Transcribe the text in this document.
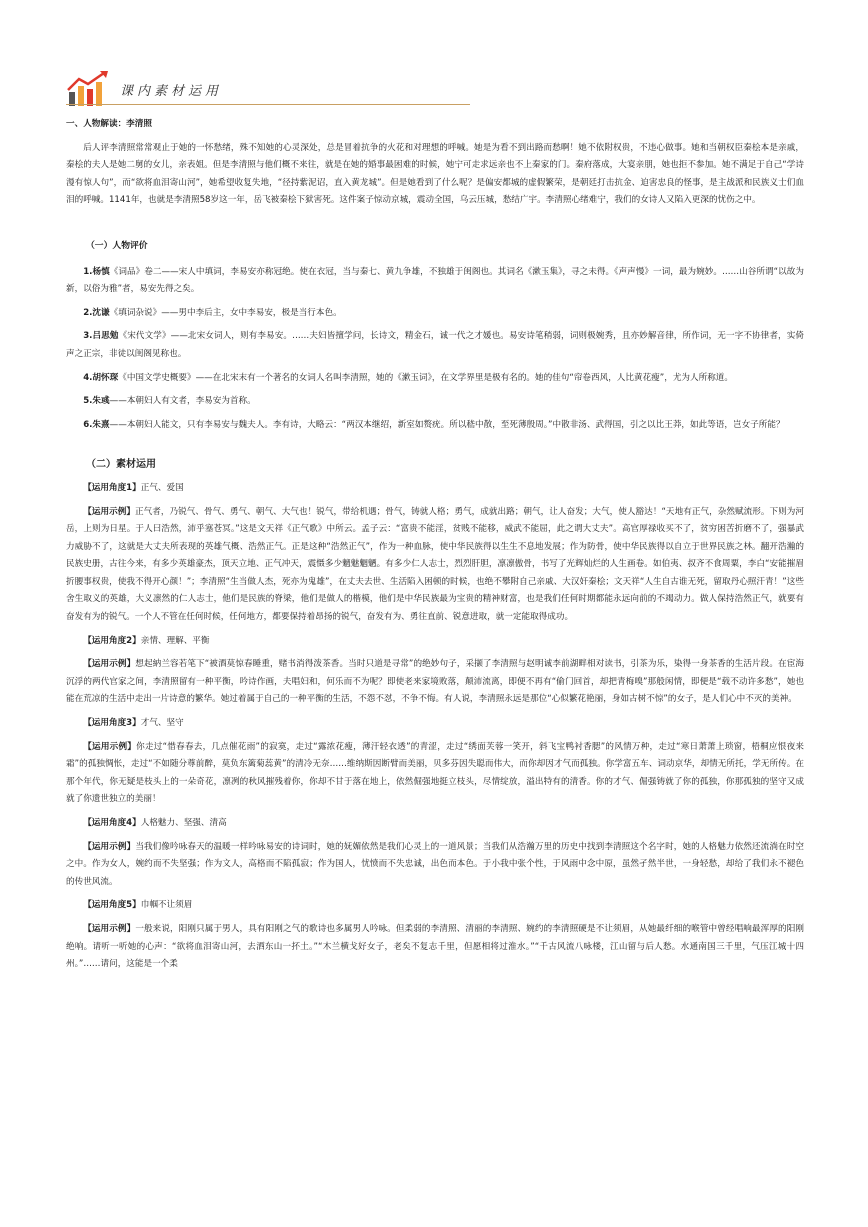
课内素材运用
一、人物解读：李清照

后人评李清照常常观止于她的一怀愁绪，殊不知她的心灵深处，总是冒着抗争的火花和对理想的呼喊。她是为看不到出路而愁啊！她不依附权贵，不违心做事。她和当朝权臣秦桧本是亲戚，秦桧的夫人是她二舅的女儿，亲表姐。但是李清照与他们概不来往，就是在她的婚事最困难的时候，她宁可走求远亲也不上秦家的门。秦府落成，大宴亲朋，她也拒不参加。她不满足于自己“学诗漫有惊人句”，而“欲将血泪寄山河”，她希望收复失地，“径持紫泥诏，直入黄龙城”。但是她看到了什么呢？是偏安都城的虚假繁荣，是朝廷打击抗金、迫害忠良的怪事，是主战派和民族义士们血泪的呼喊。1141年，也就是李清照58岁这一年，岳飞被秦桧下狱害死。这件案子惊动京城，震动全国，乌云压城，愁结广宇。李清照心绪难宁，我们的女诗人又陷入更深的忧伤之中。

（一）人物评价
1.杨慎《词品》卷二——宋人中填词，李易安亦称冠绝。使在衣冠，当与秦七、黄九争雄，不独雄于闺阁也。其词名《漱玉集》，寻之未得。《声声慢》一词，最为婉妙。……山谷所谓“以故为新，以俗为雅”者，易安先得之矣。
2.沈谦《填词杂说》——男中李后主，女中李易安，极是当行本色。
3.吕思勉《宋代文学》——北宋女词人，则有李易安。……夫妇皆擅学问，长诗文，精金石，诚一代之才媛也。易安诗笔稍弱，词则极婉秀，且亦妙解音律，所作词，无一字不协律者，实倚声之正宗，非徒以闺阁见称也。
4.胡怀琛《中国文学史概要》——在北宋末有一个著名的女词人名叫李清照，她的《漱玉词》，在文学界里是极有名的。她的佳句“帘卷西风，人比黄花瘦”，尤为人所称道。
5.朱彧——本朝妇人有文者，李易安为首称。
6.朱熹——本朝妇人能文，只有李易安与魏夫人。李有诗，大略云：“两汉本继绍，新室如赘疣。所以嵇中散，至死薄殷周。”中散非汤、武得国，引之以比王莽，如此等语，岂女子所能？
（二）素材运用
【运用角度1】正气、爱国
【运用示例】正气者，乃锐气、骨气、勇气、朝气、大气也！锐气，带给机遇；骨气，铸就人格；勇气，成就出路；朝气，让人奋发；大气，使人豁达！“天地有正气，杂然赋流形。下则为河岳，上则为日星。于人曰浩然，沛乎塞苍冥。”这是文天祥《正气歌》中所云。孟子云：“富贵不能淫，贫贱不能移，威武不能屈，此之谓大丈夫”。高官厚禄收买不了，贫穷困苦折磨不了，强暴武力威胁不了，这就是大丈夫所表现的英雄气概、浩然正气。正是这种“浩然正气”，作为一种血脉，使中华民族得以生生不息地发展；作为防骨，使中华民族得以自立于世界民族之林。翻开浩瀚的民族史册，古往今来，有多少英雄豪杰，顶天立地、正气冲天，震慑多少魑魅魍魉。有多少仁人志士，烈烈肝胆，凛凛傲骨，书写了光辉灿烂的人生画卷。如伯夷、叔齐不食周粟，李白“安能摧眉折腰事权贵，使我不得开心颜！”；李清照“生当做人杰，死亦为鬼雄”，在丈夫去世、生活陷入困顿的时候，也绝不攀附自己亲戚、大汉奸秦桧；文天祥“人生自古谁无死，留取丹心照汗青！”这些舍生取义的英雄，大义凛然的仁人志士，他们是民族的脊梁，他们是做人的楷模，他们是中华民族最为宝贵的精神财富，也是我们任何时期都能永远向前的不竭动力。做人保持浩然正气，就要有奋发有为的锐气。一个人不管在任何时候，任何地方，都要保持着昂扬的锐气，奋发有为、勇往直前、锐意进取，就一定能取得成功。
【运用角度2】亲情、理解、平衡
【运用示例】想起納兰容若笔下“被酒莫惊春睡重，赌书消得泼茶香。当时只道是寻常”的绝妙句子，采撷了李清照与赵明诚李前湖畔相对读书，引茶为乐，染得一身茶香的生活片段。在宦海沉浮的两代官家之间，李清照留有一种平衡，吟诗作画，夫唱妇和，何乐而不为呢？即使老来家境败落，颠沛流离，即便不再有“偷门回首，却把青梅嗅”那般闲情，即便是“载不动许多愁”，她也能在荒凉的生活中走出一片诗意的繁华。她过着属于自己的一种平衡的生活，不怨不怼，不争不悔。有人说，李清照永远是那位“心似繁花艳丽，身如古树不惊”的女子，是人们心中不灭的美神。
【运用角度3】才气、坚守
【运用示例】你走过“惜春春去，几点催花雨”的寂寞，走过“露浓花瘦，薄汗轻衣透”的青涩，走过“绣面芙蓉一笑开，斜飞宝鸭衬香腮”的风情万种，走过“寒日萧萧上琐窗，梧桐应恨夜来霜”的孤独惆怅，走过“不如随分尊前醉，莫负东篱菊蕊黄”的清冷无奈……维纳斯因断臂而美丽，贝多芬因失聪而伟大，而你却因才气而孤独。你学富五车、词动京华，却情无所托，学无所传。在那个年代，你无疑是枝头上的一朵奇花，凛冽的秋风摧残着你，你却不甘于落在地上，依然倔强地挺立枝头，尽情绽放，溢出特有的清香。你的才气、倔强铸就了你的孤独，你那孤独的坚守又成就了你遗世独立的美丽！
【运用角度4】人格魅力、坚强、清高
【运用示例】当我们像吟咏春天的温暖一样吟咏易安的诗词时，她的妩媚依然是我们心灵上的一道风景；当我们从浩瀚万里的历史中找到李清照这个名字时，她的人格魅力依然还流淌在时空之中。作为女人，婉约而不失坚强；作为文人，高格而不陷孤寂；作为国人，忧愤而不失忠诚，出色而本色。于小我中张个性，于风雨中念中原，虽然孑然半世，一身轻愁，却给了我们永不褪色的传世风流。
【运用角度5】巾帼不让须眉
【运用示例】一般来说，阳刚只属于男人，具有阳刚之气的歌诗也多属男人吟咏。但柔弱的李清照、清丽的李清照、婉约的李清照硬是不让须眉，从她最纤细的喉管中曾经唱响最浑厚的阳刚绝响。请听一听她的心声：“欲将血泪寄山河，去洒东山一抔土。”“木兰横戈好女子，老矣不复志千里，但愿相将过淮水。”“千古风流八咏楼，江山留与后人愁。水通南国三千里，气压江城十四州。”……请问，这能是一个柔
